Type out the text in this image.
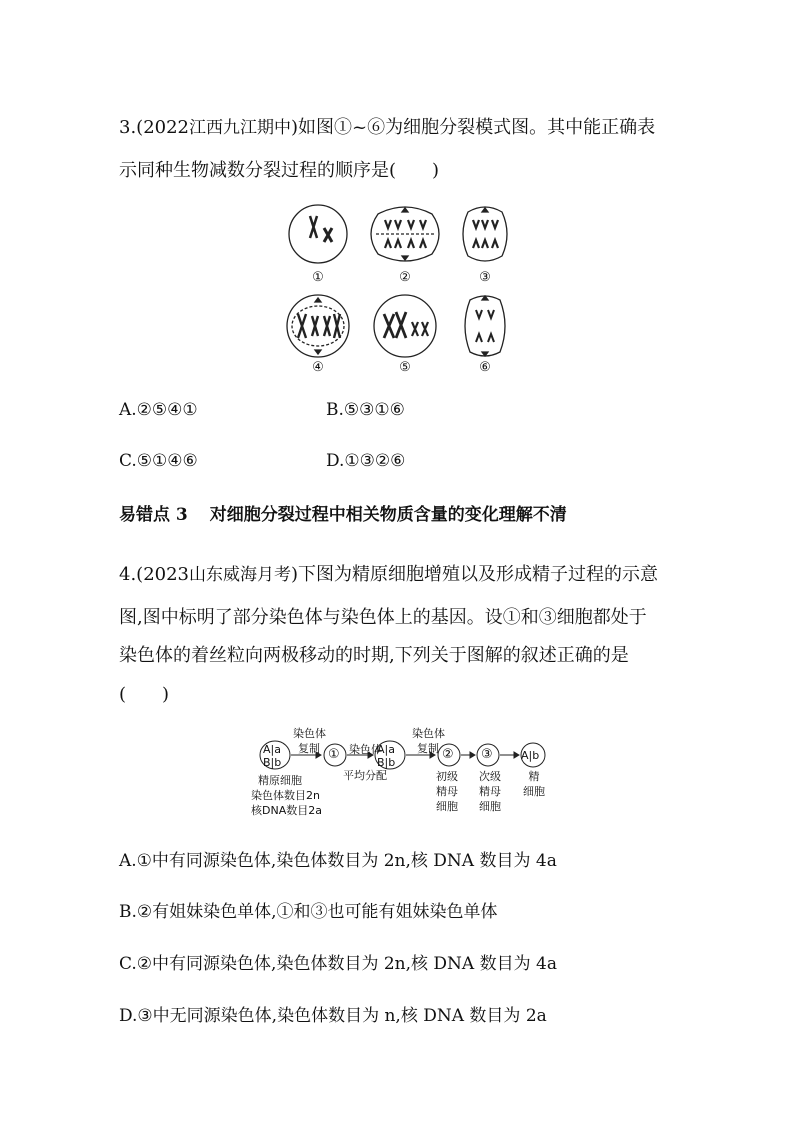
3.(2022江西九江期中)如图①~⑥为细胞分裂模式图。其中能正确表
示同种生物减数分裂过程的顺序是(　　)
①	②	③
④	⑤	⑥
A.②⑤④①	B.⑤③①⑥
C.⑤①④⑥	D.①③②⑥
易错点 3 对细胞分裂过程中相关物质含量的变化理解不清
4.(2023山东威海月考)下图为精原细胞增殖以及形成精子过程的示意
图,图中标明了部分染色体与染色体上的基因。设①和③细胞都处于
染色体的着丝粒向两极移动的时期,下列关于图解的叙述正确的是
(　　)
A|a
B|b
染色体
复制 ① 染色体
平均分配
A|a
B|b
染色体
复制 ② ③	A|b
精原细胞
染色体数目2n
核DNA数目2a
初级
精母
细胞
次级
精母
细胞
精
细胞
A.①中有同源染色体,染色体数目为 2n,核 DNA 数目为 4a
B.②有姐妹染色单体,①和③也可能有姐妹染色单体
C.②中有同源染色体,染色体数目为 2n,核 DNA 数目为 4a
D.③中无同源染色体,染色体数目为 n,核 DNA 数目为 2a
